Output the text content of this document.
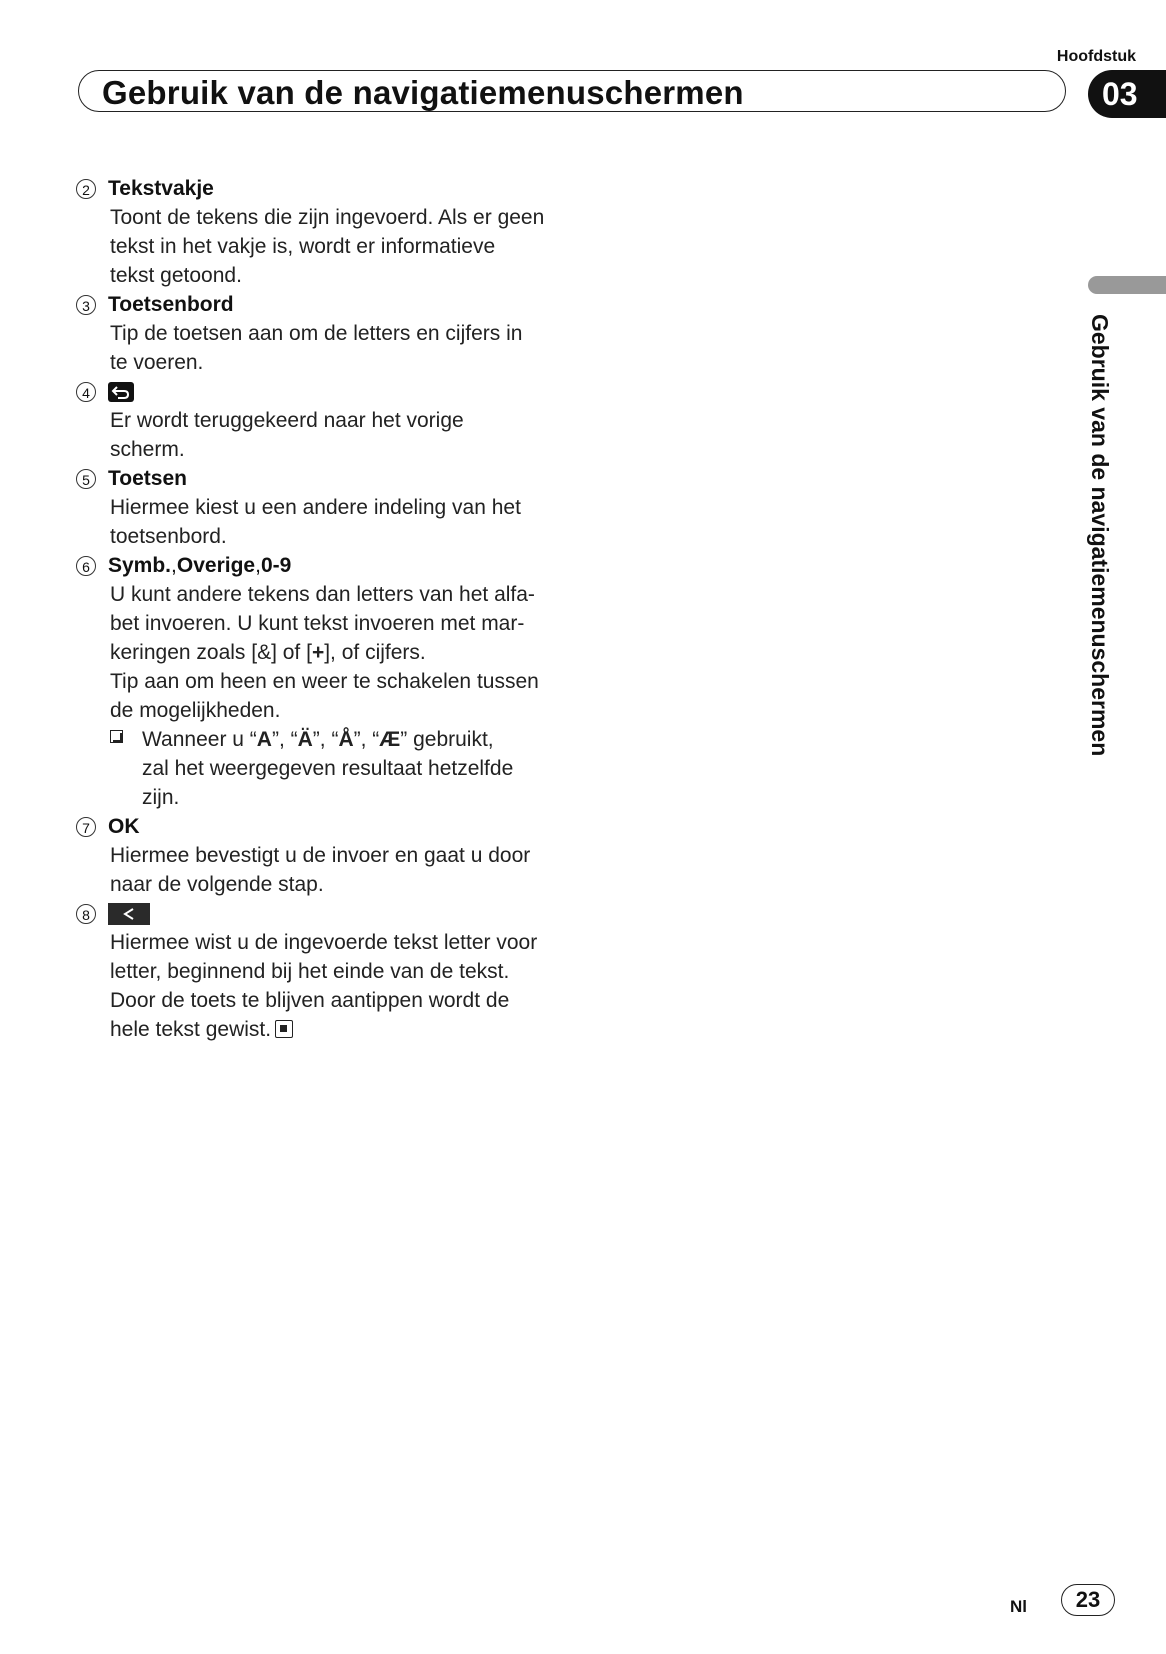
Hoofdstuk
Gebruik van de navigatiemenuschermen	03
Gebruik van de navigatiemenuschermen
2 Tekstvakje
Toont de tekens die zijn ingevoerd. Als er geen
tekst in het vakje is, wordt er informatieve
tekst getoond.
3 Toetsenbord
Tip de toetsen aan om de letters en cijfers in
te voeren.
4
Er wordt teruggekeerd naar het vorige
scherm.
5 Toetsen
Hiermee kiest u een andere indeling van het
toetsenbord.
6 Symb. , Overige , 0-9
U kunt andere tekens dan letters van het alfa-
bet invoeren. U kunt tekst invoeren met mar-
keringen zoals [&] of [+], of cijfers.
Tip aan om heen en weer te schakelen tussen
de mogelijkheden.
Wanneer u “A”, “Ä”, “Å”, “Æ” gebruikt,
zal het weergegeven resultaat hetzelfde
zijn.
7 OK
Hiermee bevestigt u de invoer en gaat u door
naar de volgende stap.
8
Hiermee wist u de ingevoerde tekst letter voor
letter, beginnend bij het einde van de tekst.
Door de toets te blijven aantippen wordt de
hele tekst gewist.
Nl	23
